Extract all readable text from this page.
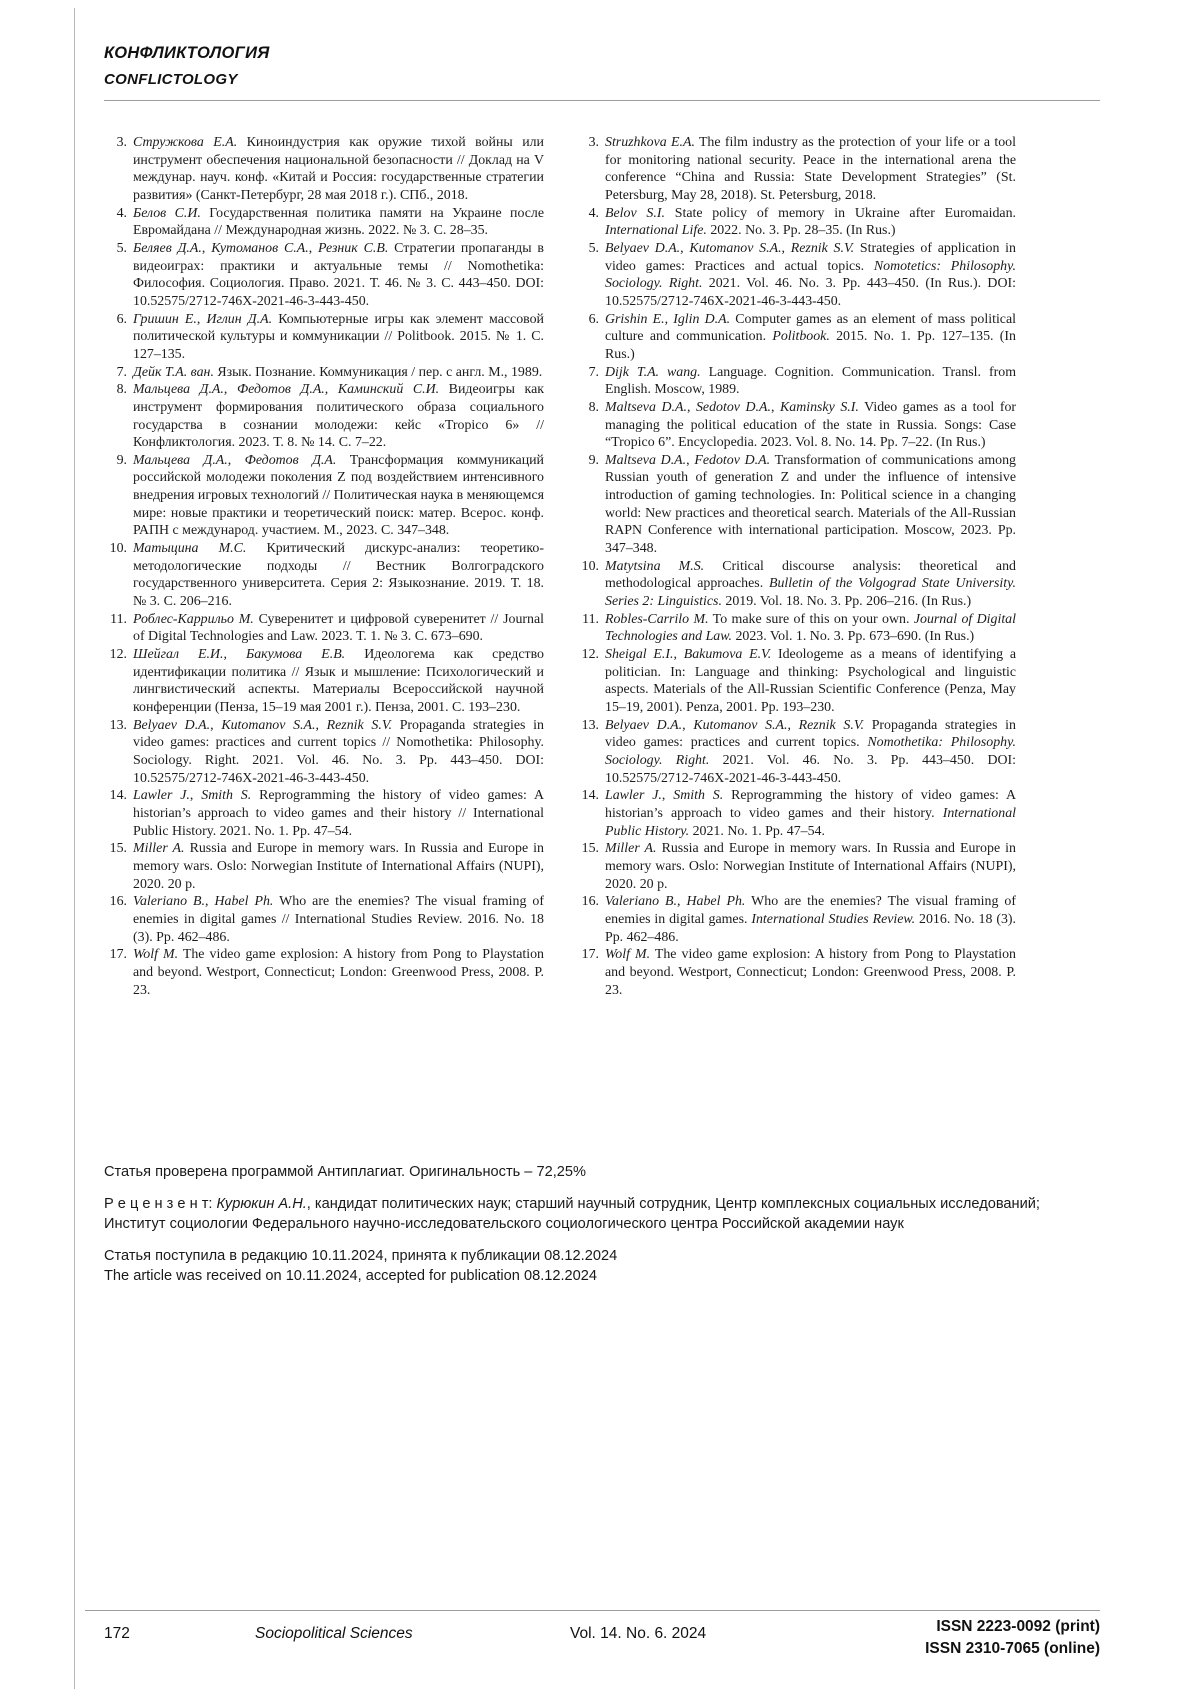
КОНФЛИКТОЛОГИЯ
CONFLICTOLOGY
3. Стружкова Е.А. Киноиндустрия как оружие тихой войны или инструмент обеспечения национальной безопасности // Доклад на V междунар. науч. конф. «Китай и Россия: государственные стратегии развития» (Санкт-Петербург, 28 мая 2018 г.). СПб., 2018.
4. Белов С.И. Государственная политика памяти на Украине после Евромайдана // Международная жизнь. 2022. № 3. С. 28–35.
5. Беляев Д.А., Кутоманов С.А., Резник С.В. Стратегии пропаганды в видеоиграх: практики и актуальные темы // Nomothetika: Философия. Социология. Право. 2021. Т. 46. № 3. С. 443–450. DOI: 10.52575/2712-746X-2021-46-3-443-450.
6. Гришин Е., Иглин Д.А. Компьютерные игры как элемент массовой политической культуры и коммуникации // Politbook. 2015. № 1. С. 127–135.
7. Дейк Т.А. ван. Язык. Познание. Коммуникация / пер. с англ. М., 1989.
8. Мальцева Д.А., Федотов Д.А., Каминский С.И. Видеоигры как инструмент формирования политического образа социального государства в сознании молодежи: кейс «Tropico 6» // Конфликтология. 2023. Т. 8. № 14. С. 7–22.
9. Мальцева Д.А., Федотов Д.А. Трансформация коммуникаций российской молодежи поколения Z под воздействием интенсивного внедрения игровых технологий // Политическая наука в меняющемся мире: новые практики и теоретический поиск: матер. Всерос. конф. РАПН с международ. участием. М., 2023. С. 347–348.
10. Матыцина М.С. Критический дискурс-анализ: теоретико-методологические подходы // Вестник Волгоградского государственного университета. Серия 2: Языкознание. 2019. Т. 18. № 3. С. 206–216.
11. Роблес-Каррильо М. Суверенитет и цифровой суверенитет // Journal of Digital Technologies and Law. 2023. Т. 1. № 3. С. 673–690.
12. Шейгал Е.И., Бакумова Е.В. Идеологема как средство идентификации политика // Язык и мышление: Психологический и лингвистический аспекты. Материалы Всероссийской научной конференции (Пенза, 15–19 мая 2001 г.). Пенза, 2001. С. 193–230.
13. Belyaev D.A., Kutomanov S.A., Reznik S.V. Propaganda strategies in video games: practices and current topics // Nomothetika: Philosophy. Sociology. Right. 2021. Vol. 46. No. 3. Pp. 443–450. DOI: 10.52575/2712-746X-2021-46-3-443-450.
14. Lawler J., Smith S. Reprogramming the history of video games: A historian’s approach to video games and their history // International Public History. 2021. No. 1. Pp. 47–54.
15. Miller A. Russia and Europe in memory wars. In Russia and Europe in memory wars. Oslo: Norwegian Institute of International Affairs (NUPI), 2020. 20 p.
16. Valeriano B., Habel Ph. Who are the enemies? The visual framing of enemies in digital games // International Studies Review. 2016. No. 18 (3). Pp. 462–486.
17. Wolf M. The video game explosion: A history from Pong to Playstation and beyond. Westport, Connecticut; London: Greenwood Press, 2008. P. 23.
3. Struzhkova E.A. The film industry as the protection of your life or a tool for monitoring national security. Peace in the international arena the conference “China and Russia: State Development Strategies” (St. Petersburg, May 28, 2018). St. Petersburg, 2018.
4. Belov S.I. State policy of memory in Ukraine after Euromaidan. International Life. 2022. No. 3. Pp. 28–35. (In Rus.)
5. Belyaev D.A., Kutomanov S.A., Reznik S.V. Strategies of application in video games: Practices and actual topics. Nomotetics: Philosophy. Sociology. Right. 2021. Vol. 46. No. 3. Pp. 443–450. (In Rus.). DOI: 10.52575/2712-746X-2021-46-3-443-450.
6. Grishin E., Iglin D.A. Computer games as an element of mass political culture and communication. Politbook. 2015. No. 1. Pp. 127–135. (In Rus.)
7. Dijk T.A. wang. Language. Cognition. Communication. Transl. from English. Moscow, 1989.
8. Maltseva D.A., Sedotov D.A., Kaminsky S.I. Video games as a tool for managing the political education of the state in Russia. Songs: Case “Tropico 6”. Encyclopedia. 2023. Vol. 8. No. 14. Pp. 7–22. (In Rus.)
9. Maltseva D.A., Fedotov D.A. Transformation of communications among Russian youth of generation Z and under the influence of intensive introduction of gaming technologies. In: Political science in a changing world: New practices and theoretical search. Materials of the All-Russian RAPN Conference with international participation. Moscow, 2023. Pp. 347–348.
10. Matytsina M.S. Critical discourse analysis: theoretical and methodological approaches. Bulletin of the Volgograd State University. Series 2: Linguistics. 2019. Vol. 18. No. 3. Pp. 206–216. (In Rus.)
11. Robles-Carrilo M. To make sure of this on your own. Journal of Digital Technologies and Law. 2023. Vol. 1. No. 3. Pp. 673–690. (In Rus.)
12. Sheigal E.I., Bakumova E.V. Ideologeme as a means of identifying a politician. In: Language and thinking: Psychological and linguistic aspects. Materials of the All-Russian Scientific Conference (Penza, May 15–19, 2001). Penza, 2001. Pp. 193–230.
13. Belyaev D.A., Kutomanov S.A., Reznik S.V. Propaganda strategies in video games: practices and current topics. Nomothetika: Philosophy. Sociology. Right. 2021. Vol. 46. No. 3. Pp. 443–450. DOI: 10.52575/2712-746X-2021-46-3-443-450.
14. Lawler J., Smith S. Reprogramming the history of video games: A historian’s approach to video games and their history. International Public History. 2021. No. 1. Pp. 47–54.
15. Miller A. Russia and Europe in memory wars. In Russia and Europe in memory wars. Oslo: Norwegian Institute of International Affairs (NUPI), 2020. 20 p.
16. Valeriano B., Habel Ph. Who are the enemies? The visual framing of enemies in digital games. International Studies Review. 2016. No. 18 (3). Pp. 462–486.
17. Wolf M. The video game explosion: A history from Pong to Playstation and beyond. Westport, Connecticut; London: Greenwood Press, 2008. P. 23.

Статья проверена программой Антиплагиат. Оригинальность – 72,25%

Р е ц е н з е н т: Курюкин А.Н., кандидат политических наук; старший научный сотрудник, Центр комплексных социальных исследований; Институт социологии Федерального научно-исследовательского социологического центра Российской академии наук

Статья поступила в редакцию 10.11.2024, принята к публикации 08.12.2024

The article was received on 10.11.2024, accepted for publication 08.12.2024

172	Sociopolitical Sciences	Vol. 14. No. 6. 2024	ISSN 2223-0092 (print)
ISSN 2310-7065 (online)
